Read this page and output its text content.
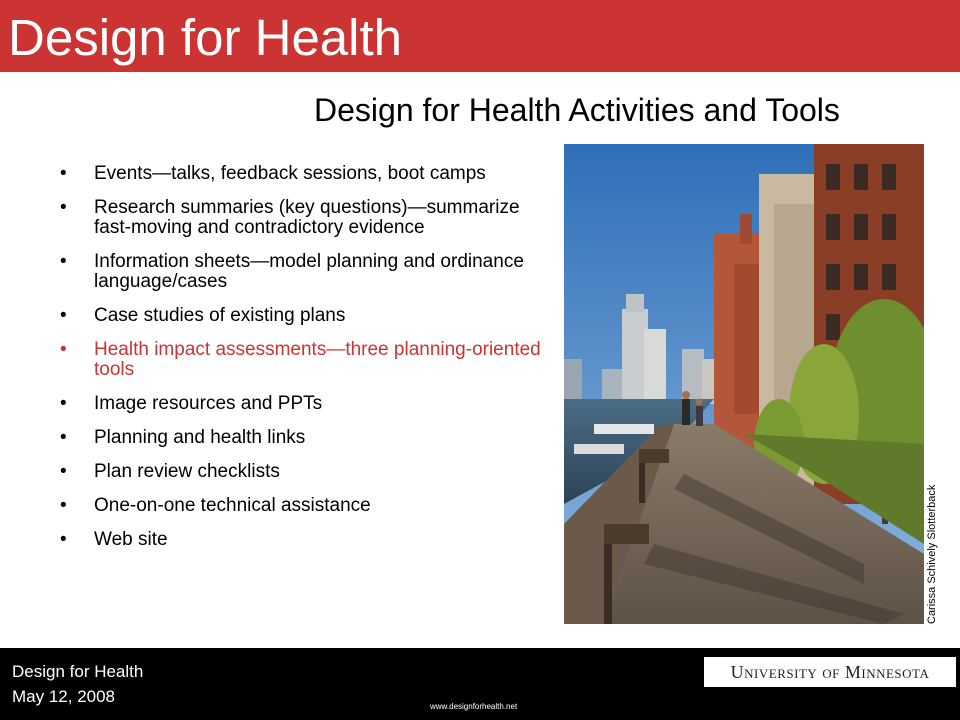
Design for Health
Design for Health Activities and Tools
• Events—talks, feedback sessions, boot camps
• Research summaries (key questions)—summarize fast-moving and contradictory evidence
• Information sheets—model planning and ordinance language/cases
• Case studies of existing plans
• Health impact assessments—three planning-oriented tools
• Image resources and PPTs
• Planning and health links
• Plan review checklists
• One-on-one technical assistance
• Web site	Carissa Schively Slotterback
Design for Health
May 12, 2008
www.designforhealth.net
University of Minnesota
